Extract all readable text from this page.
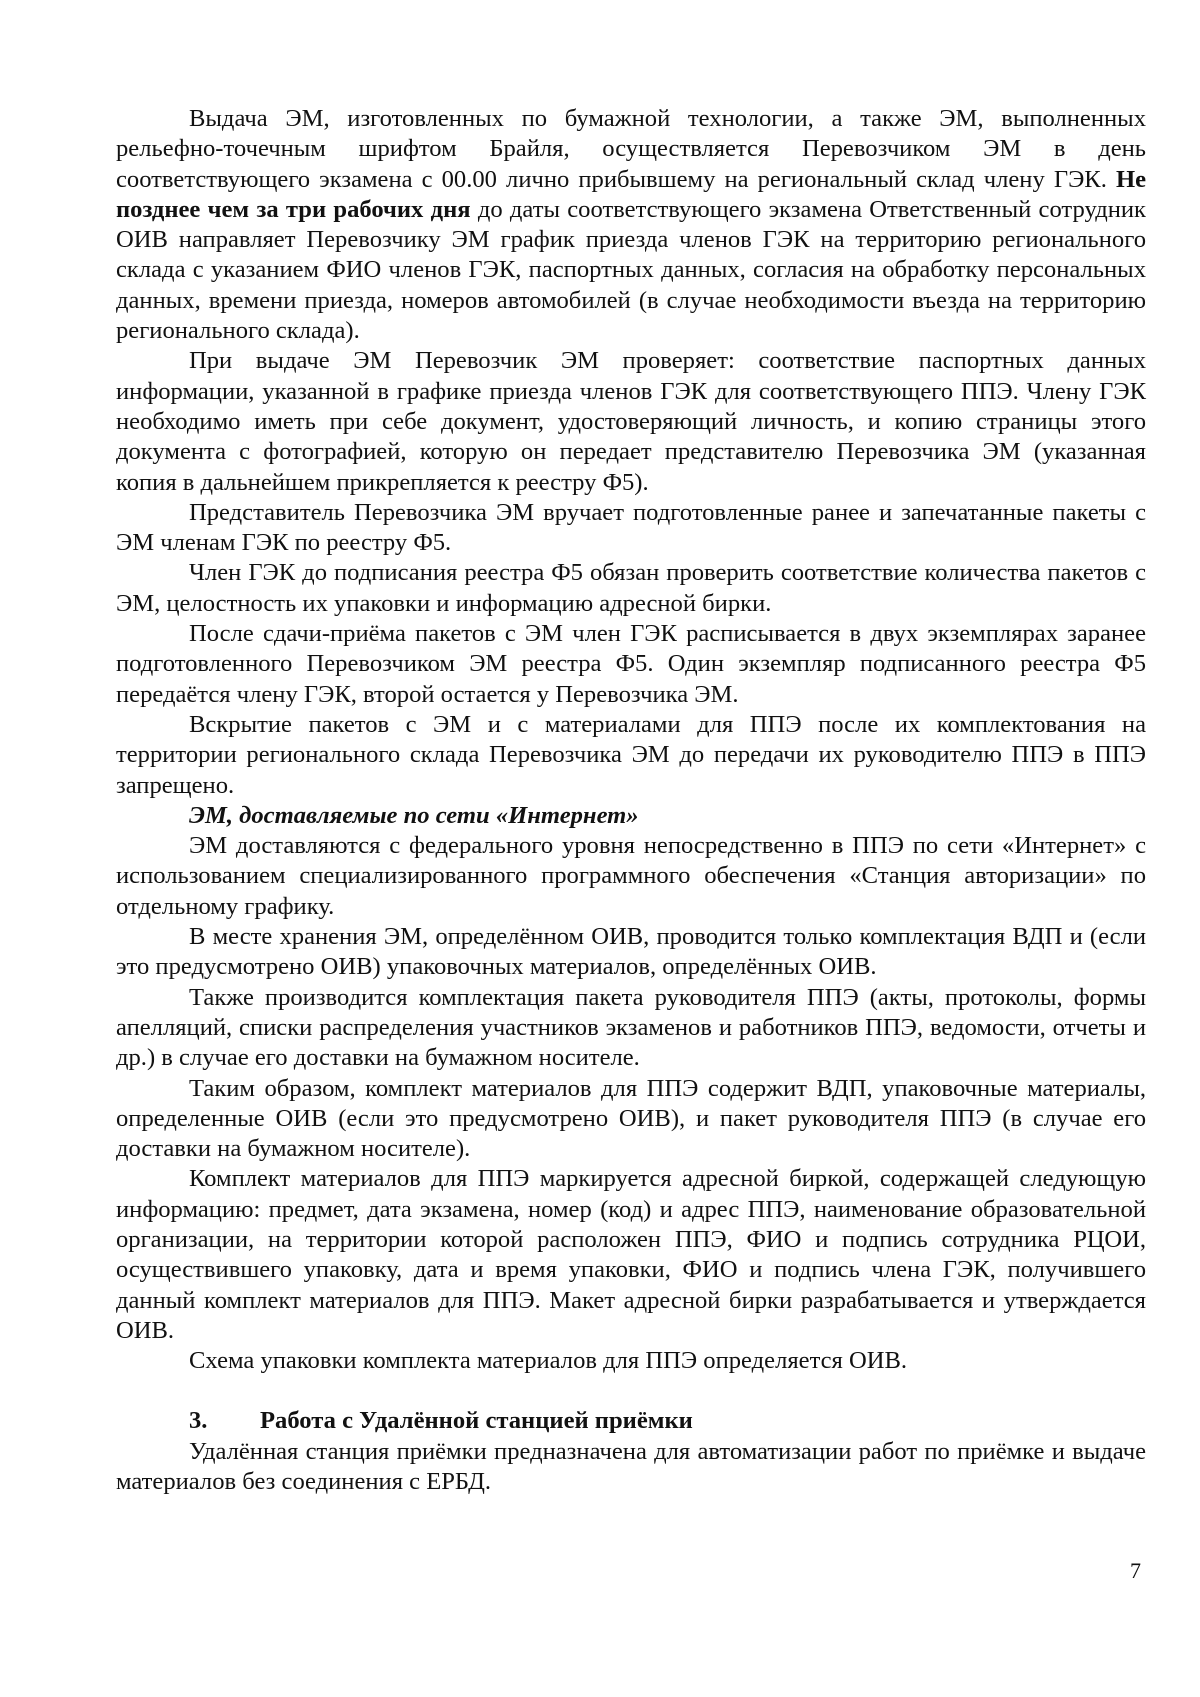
Выдача ЭМ, изготовленных по бумажной технологии, а также ЭМ, выполненных рельефно-точечным шрифтом Брайля, осуществляется Перевозчиком ЭМ в день соответствующего экзамена с 00.00 лично прибывшему на региональный склад члену ГЭК. Не позднее чем за три рабочих дня до даты соответствующего экзамена Ответственный сотрудник ОИВ направляет Перевозчику ЭМ график приезда членов ГЭК на территорию регионального склада с указанием ФИО членов ГЭК, паспортных данных, согласия на обработку персональных данных, времени приезда, номеров автомобилей (в случае необходимости въезда на территорию регионального склада).

При выдаче ЭМ Перевозчик ЭМ проверяет: соответствие паспортных данных информации, указанной в графике приезда членов ГЭК для соответствующего ППЭ. Члену ГЭК необходимо иметь при себе документ, удостоверяющий личность, и копию страницы этого документа с фотографией, которую он передает представителю Перевозчика ЭМ (указанная копия в дальнейшем прикрепляется к реестру Ф5).

Представитель Перевозчика ЭМ вручает подготовленные ранее и запечатанные пакеты с ЭМ членам ГЭК по реестру Ф5.

Член ГЭК до подписания реестра Ф5 обязан проверить соответствие количества пакетов с ЭМ, целостность их упаковки и информацию адресной бирки.

После сдачи-приёма пакетов с ЭМ член ГЭК расписывается в двух экземплярах заранее подготовленного Перевозчиком ЭМ реестра Ф5. Один экземпляр подписанного реестра Ф5 передаётся члену ГЭК, второй остается у Перевозчика ЭМ.

Вскрытие пакетов с ЭМ и с материалами для ППЭ после их комплектования на территории регионального склада Перевозчика ЭМ до передачи их руководителю ППЭ в ППЭ запрещено.

ЭМ, доставляемые по сети «Интернет»

ЭМ доставляются с федерального уровня непосредственно в ППЭ по сети «Интернет» с использованием специализированного программного обеспечения «Станция авторизации» по отдельному графику.

В месте хранения ЭМ, определённом ОИВ, проводится только комплектация ВДП и (если это предусмотрено ОИВ) упаковочных материалов, определённых ОИВ.

Также производится комплектация пакета руководителя ППЭ (акты, протоколы, формы апелляций, списки распределения участников экзаменов и работников ППЭ, ведомости, отчеты и др.) в случае его доставки на бумажном носителе.

Таким образом, комплект материалов для ППЭ содержит ВДП, упаковочные материалы, определенные ОИВ (если это предусмотрено ОИВ), и пакет руководителя ППЭ (в случае его доставки на бумажном носителе).

Комплект материалов для ППЭ маркируется адресной биркой, содержащей следующую информацию: предмет, дата экзамена, номер (код) и адрес ППЭ, наименование образовательной организации, на территории которой расположен ППЭ, ФИО и подпись сотрудника РЦОИ, осуществившего упаковку, дата и время упаковки, ФИО и подпись члена ГЭК, получившего данный комплект материалов для ППЭ. Макет адресной бирки разрабатывается и утверждается ОИВ.

Схема упаковки комплекта материалов для ППЭ определяется ОИВ.

3.	Работа с Удалённой станцией приёмки

Удалённая станция приёмки предназначена для автоматизации работ по приёмке и выдаче материалов без соединения с ЕРБД.

7
